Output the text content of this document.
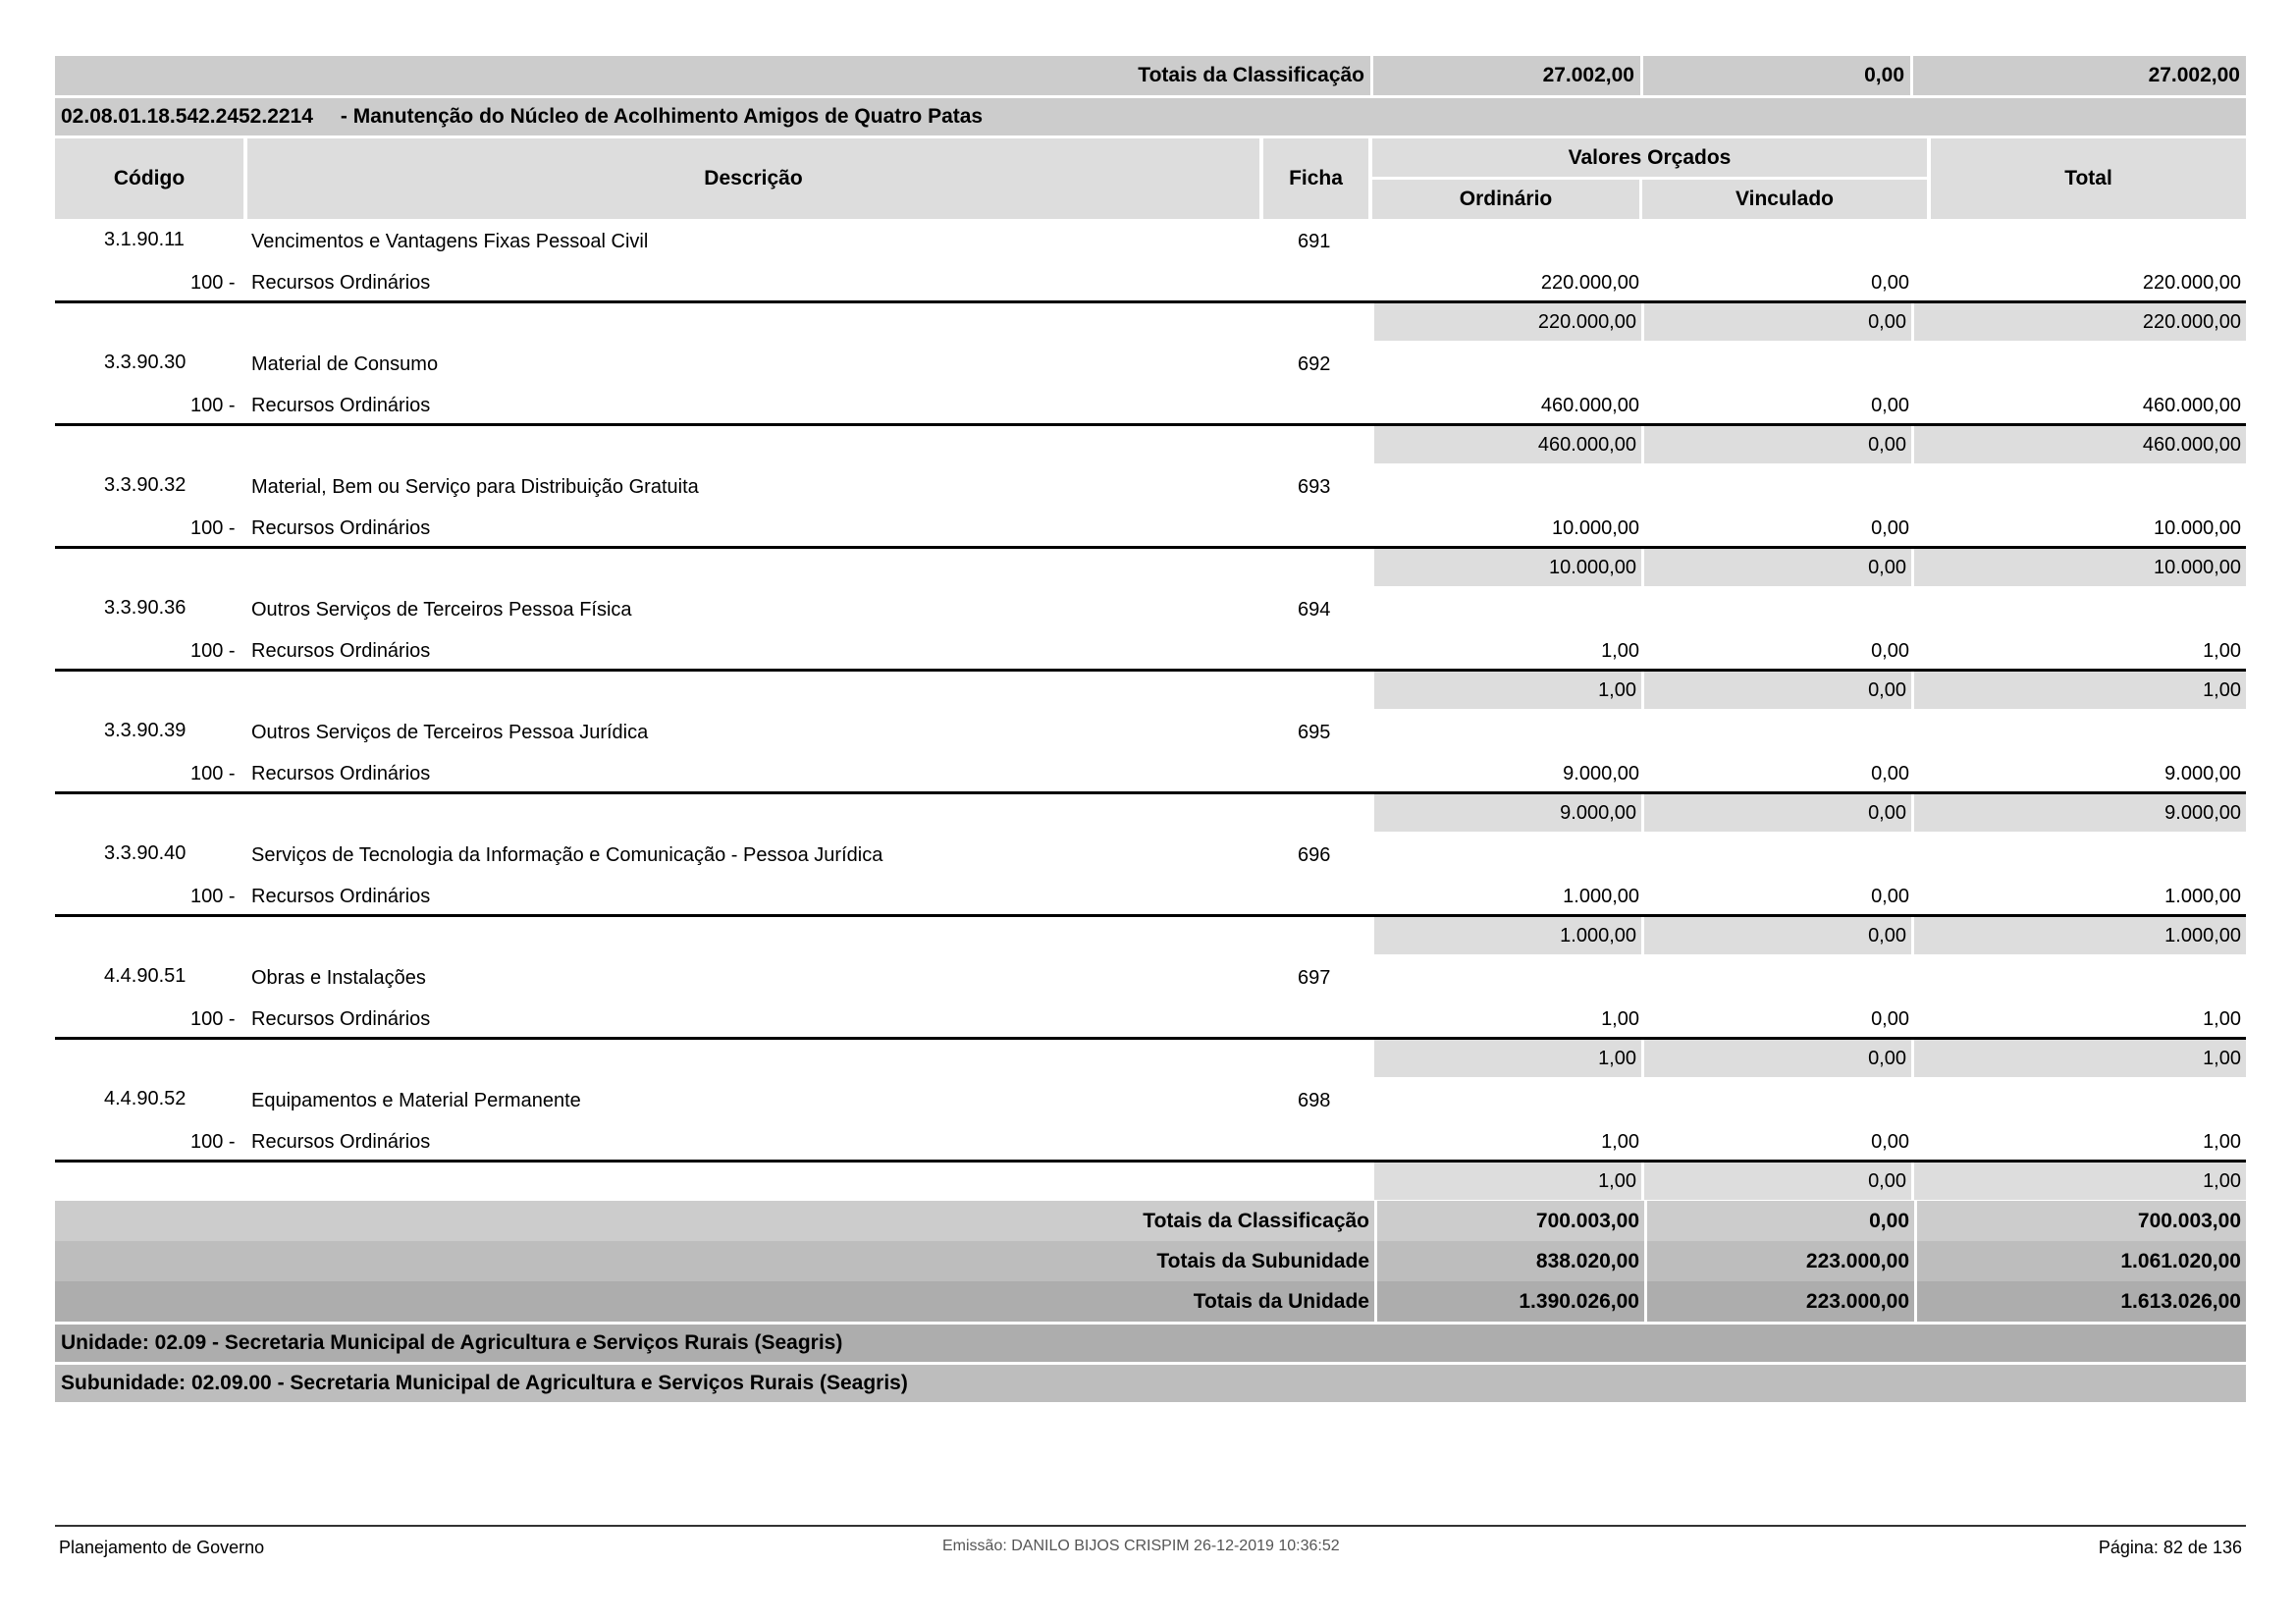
Totais da Classificação	27.002,00	0,00	27.002,00
02.08.01.18.542.2452.2214 - Manutenção do Núcleo de Acolhimento Amigos de Quatro Patas
Código	Descrição	Ficha
Valores Orçados
Ordinário	Vinculado
Total
3.1.90.11	Vencimentos e Vantagens Fixas Pessoal Civil	691
100 - Recursos Ordinários	220.000,00	0,00	220.000,00
220.000,00	0,00	220.000,00
3.3.90.30	Material de Consumo	692
100 - Recursos Ordinários	460.000,00	0,00	460.000,00
460.000,00	0,00	460.000,00
3.3.90.32	Material, Bem ou Serviço para Distribuição Gratuita	693
100 - Recursos Ordinários	10.000,00	0,00	10.000,00
10.000,00	0,00	10.000,00
3.3.90.36	Outros Serviços de Terceiros Pessoa Física	694
100 - Recursos Ordinários	1,00	0,00	1,00
1,00	0,00	1,00
3.3.90.39	Outros Serviços de Terceiros Pessoa Jurídica	695
100 - Recursos Ordinários	9.000,00	0,00	9.000,00
9.000,00	0,00	9.000,00
3.3.90.40	Serviços de Tecnologia da Informação e Comunicação - Pessoa Jurídica	696
100 - Recursos Ordinários	1.000,00	0,00	1.000,00
1.000,00	0,00	1.000,00
4.4.90.51	Obras e Instalações	697
100 - Recursos Ordinários	1,00	0,00	1,00
1,00	0,00	1,00
4.4.90.52	Equipamentos e Material Permanente	698
100 - Recursos Ordinários	1,00	0,00	1,00
1,00	0,00	1,00
Totais da Classificação	700.003,00	0,00	700.003,00
Totais da Subunidade	838.020,00	223.000,00	1.061.020,00
Totais da Unidade	1.390.026,00	223.000,00	1.613.026,00
Unidade: 02.09 - Secretaria Municipal de Agricultura e Serviços Rurais (Seagris)
Subunidade: 02.09.00 - Secretaria Municipal de Agricultura e Serviços Rurais (Seagris)
Planejamento de Governo	Emissão: DANILO BIJOS CRISPIM 26-12-2019 10:36:52	Página: 82 de 136
